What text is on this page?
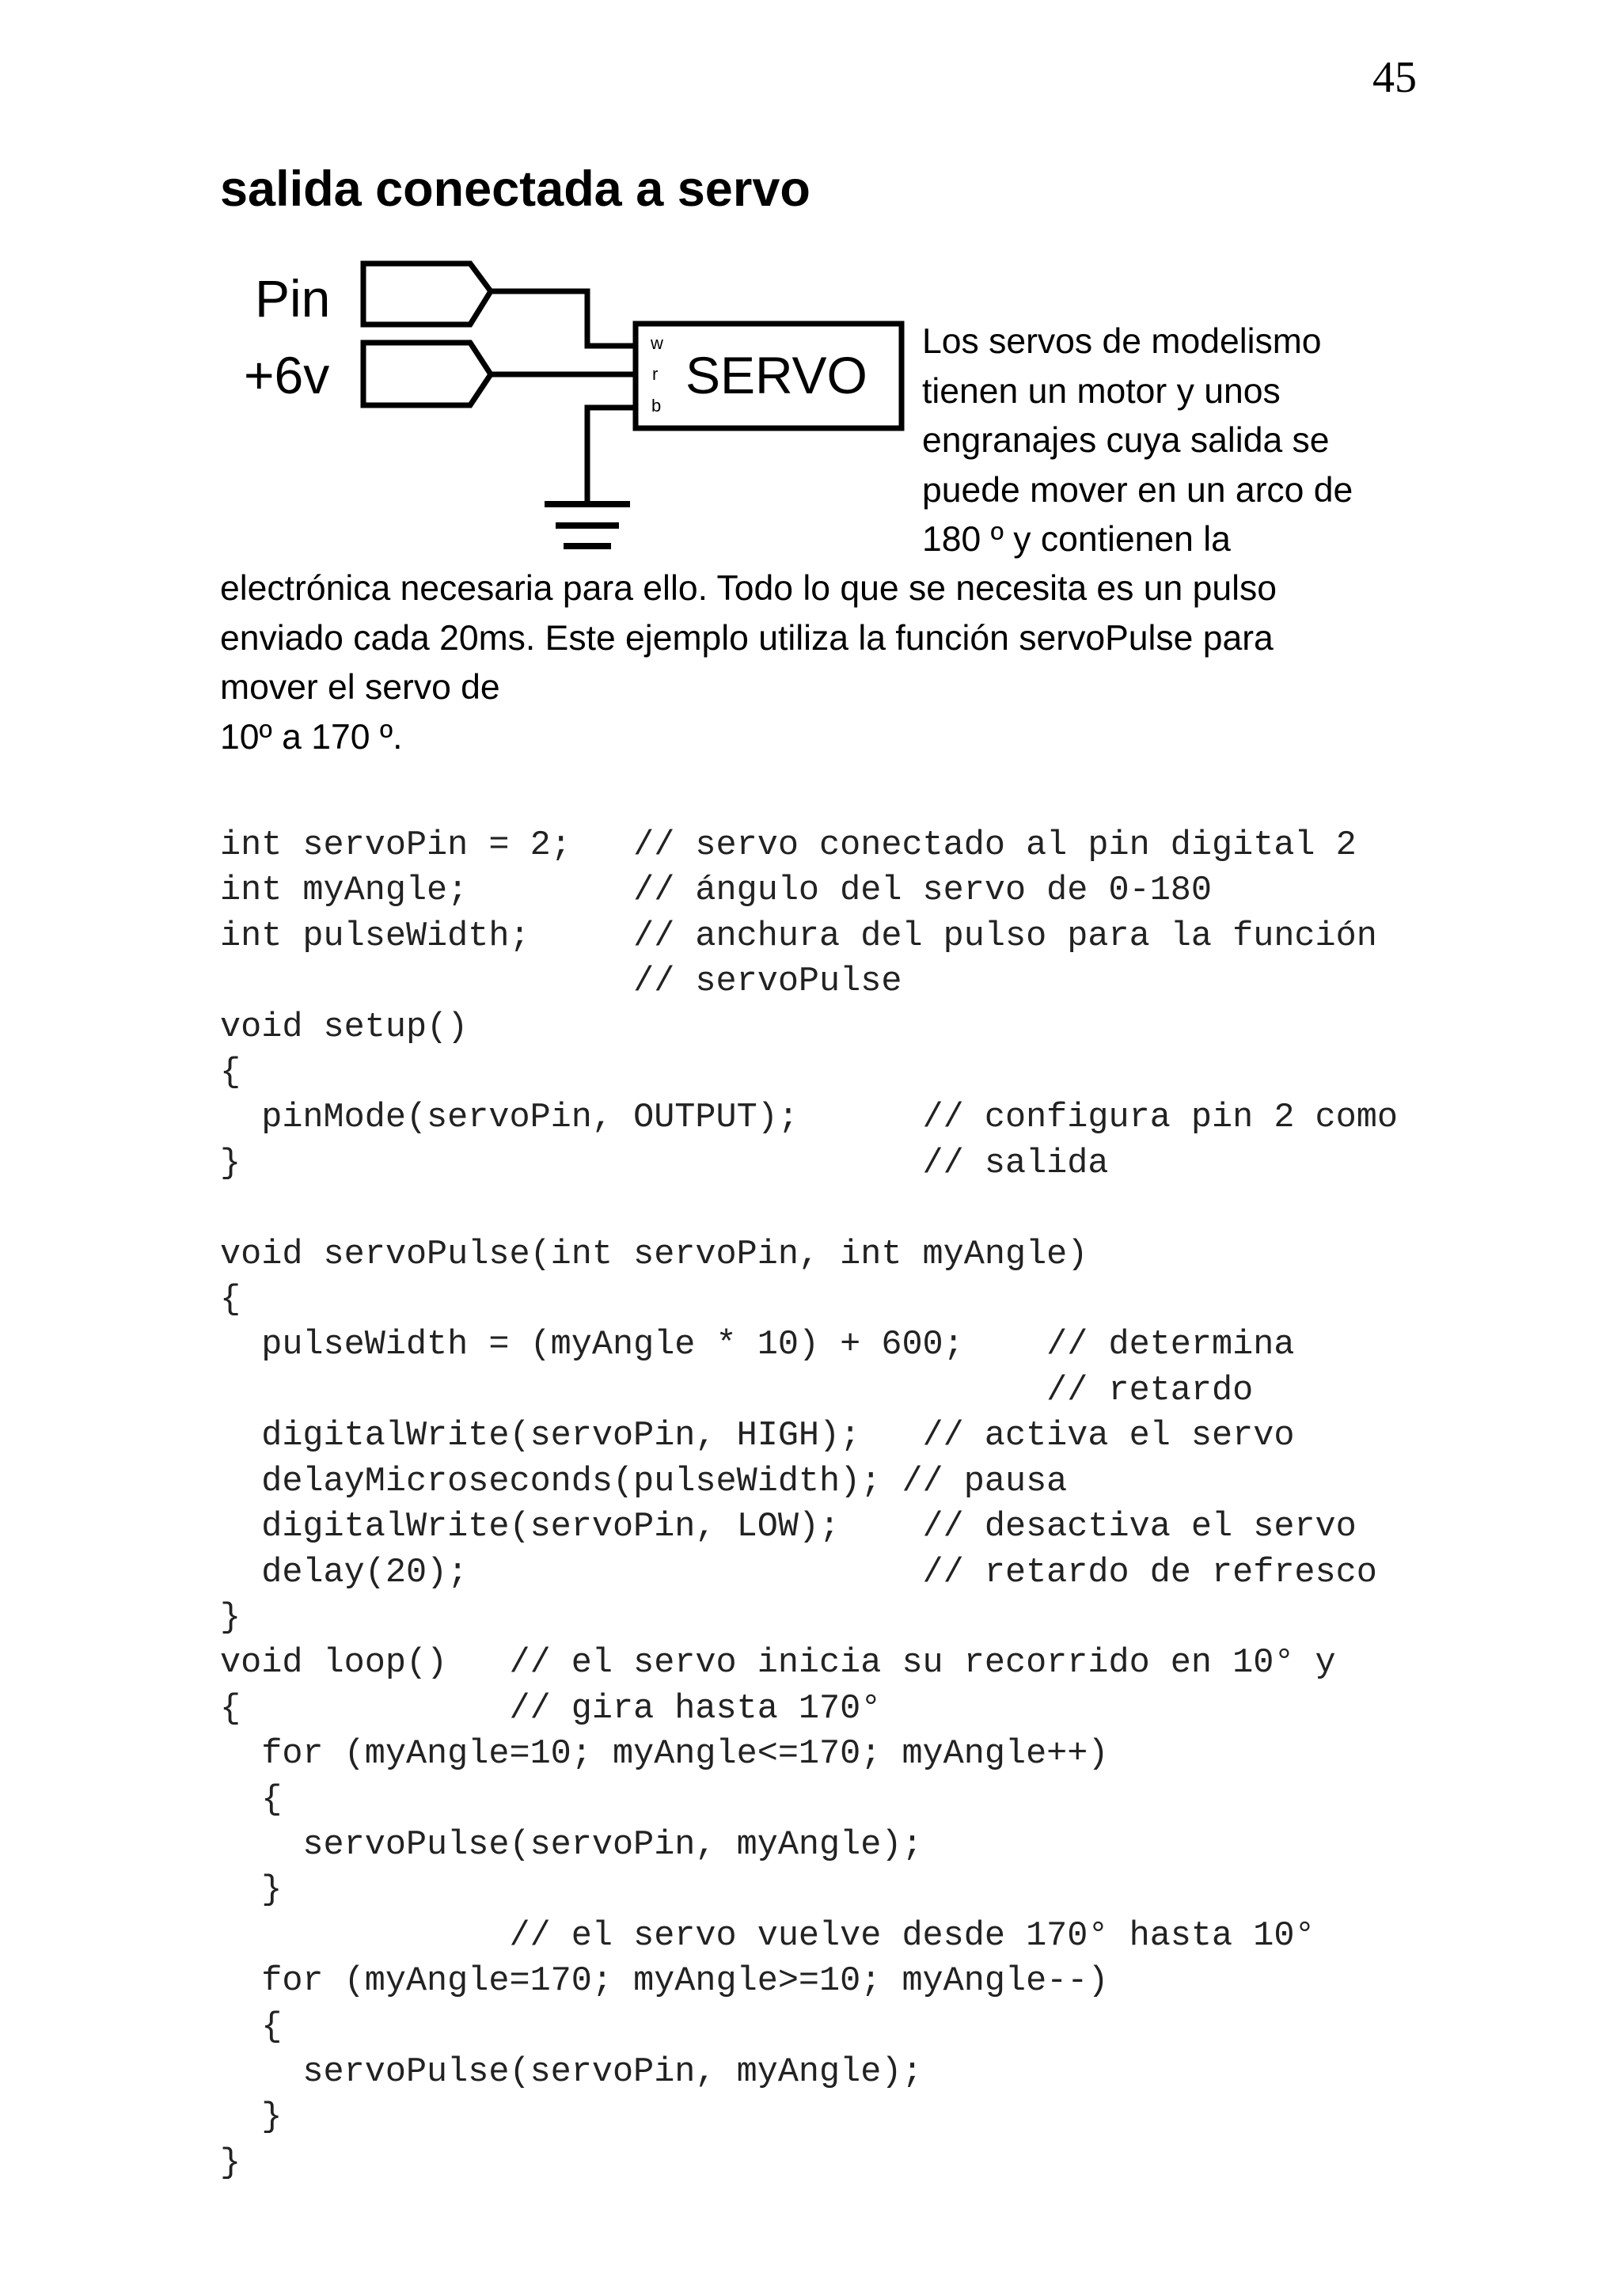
45
salida conectada a servo
Pin
+6v	SERVO
w
r
b
Los servos de modelismo
tienen un motor y unos
engranajes cuya salida se
puede mover en un arco de
180 º y contienen la
electrónica necesaria para ello. Todo lo que se necesita es un pulso
enviado cada 20ms. Este ejemplo utiliza la función servoPulse para
mover el servo de
10º a 170 º.
int servoPin = 2;   // servo conectado al pin digital 2
int myAngle;        // ángulo del servo de 0-180
int pulseWidth;     // anchura del pulso para la función
// servoPulse
void setup()
{
pinMode(servoPin, OUTPUT);      // configura pin 2 como
}                                 // salida

void servoPulse(int servoPin, int myAngle)
{
pulseWidth = (myAngle * 10) + 600;    // determina
// retardo
digitalWrite(servoPin, HIGH);   // activa el servo
delayMicroseconds(pulseWidth); // pausa
digitalWrite(servoPin, LOW);    // desactiva el servo
delay(20);                      // retardo de refresco
}
void loop()   // el servo inicia su recorrido en 10° y
{             // gira hasta 170°
for (myAngle=10; myAngle<=170; myAngle++)
{
servoPulse(servoPin, myAngle);
}
// el servo vuelve desde 170° hasta 10°
for (myAngle=170; myAngle>=10; myAngle--)
{
servoPulse(servoPin, myAngle);
}
}
